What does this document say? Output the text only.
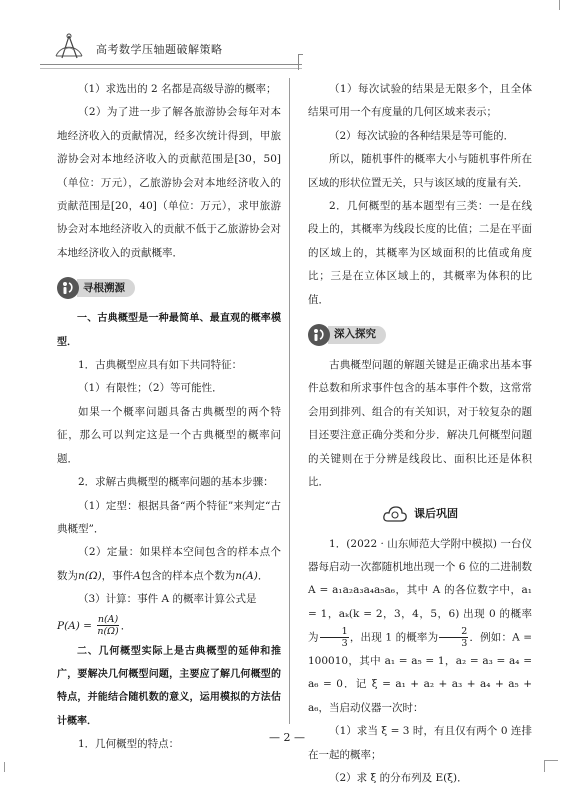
高考数学压轴题破解策略

（1）求选出的 2 名都是高级导游的概率；

（2）为了进一步了解各旅游协会每年对本地经济收入的贡献情况，经多次统计得到，甲旅游协会对本地经济收入的贡献范围是[30，50]（单位：万元），乙旅游协会对本地经济收入的贡献范围是[20，40]（单位：万元），求甲旅游协会对本地经济收入的贡献不低于乙旅游协会对本地经济收入的贡献概率．

寻根溯源

一、古典概型是一种最简单、最直观的概率模型．

1．古典概型应具有如下共同特征：

（1）有限性；（2）等可能性．

如果一个概率问题具备古典概型的两个特征，那么可以判定这是一个古典概型的概率问题．

2．求解古典概型的概率问题的基本步骤：

（1）定型：根据具备“两个特征”来判定“古典概型”．

（2）定量：如果样本空间包含的样本点个数为n(Ω)，事件A包含的样本点个数为n(A)．

（3）计算：事件 A 的概率计算公式是

$P(A) = \frac{n(A)}{n(\Omega)}$ ．

二、几何概型实际上是古典概型的延伸和推广，要解决几何概型问题，主要应了解几何概型的特点，并能结合随机数的意义，运用模拟的方法估计概率．

1．几何概型的特点：

（1）每次试验的结果是无限多个，且全体结果可用一个有度量的几何区域来表示；

（2）每次试验的各种结果是等可能的．

所以，随机事件的概率大小与随机事件所在区域的形状位置无关，只与该区域的度量有关．

2．几何概型的基本题型有三类：一是在线段上的，其概率为线段长度的比值；二是在平面的区域上的，其概率为区域面积的比值或角度比；三是在立体区域上的，其概率为体积的比值．

深入探究

古典概型问题的解题关键是正确求出基本事件总数和所求事件包含的基本事件个数，这常常会用到排列、组合的有关知识，对于较复杂的题目还要注意正确分类和分步．解决几何概型问题的关键则在于分辨是线段比、面积比还是体积比．

课后巩固

1．(2022 · 山东师范大学附中模拟) 一台仪器每启动一次都随机地出现一个 6 位的二进制数 A = a₁a₂a₃a₄a₅a₆，其中 A 的各位数字中，a₁ = 1，aₖ(k = 2，3，4，5，6) 出现 0 的概率为 $\frac{1}{3}$ ，出现 1 的概率为 $\frac{2}{3}$ ．例如：A = 100010，其中 a₁ = a₅ = 1，a₂ = a₃ = a₄ = a₆ = 0．记 ξ = a₁ + a₂ + a₃ + a₄ + a₅ + a₆，当启动仪器一次时：

（1）求当 ξ = 3 时，有且仅有两个 0 连排在一起的概率；

（2）求 ξ 的分布列及 E(ξ)．

— 2 —
